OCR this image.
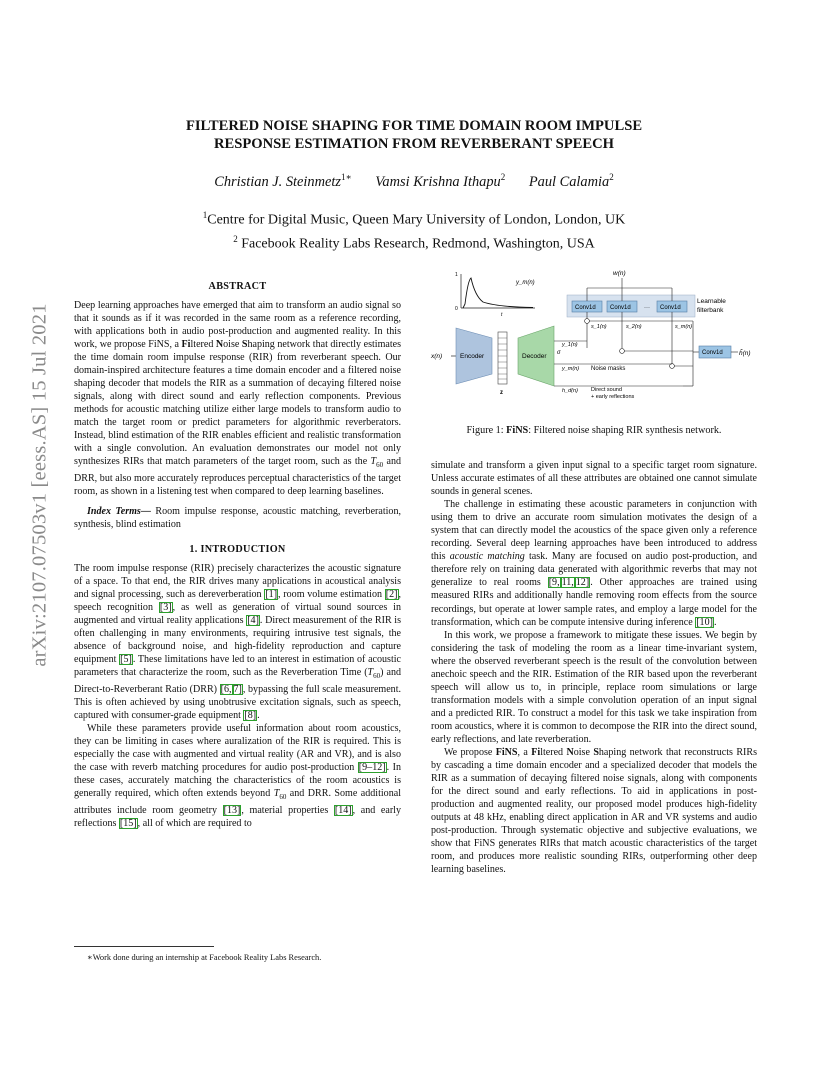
arXiv:2107.07503v1 [eess.AS] 15 Jul 2021
FILTERED NOISE SHAPING FOR TIME DOMAIN ROOM IMPULSE
RESPONSE ESTIMATION FROM REVERBERANT SPEECH
Christian J. Steinmetz$^{1∗}$ Vamsi Krishna Ithapu$^2$ Paul Calamia$^2$
$^1$Centre for Digital Music, Queen Mary University of London, London, UK
$^2$ Facebook Reality Labs Research, Redmond, Washington, USA
ABSTRACT

Deep learning approaches have emerged that aim to transform an audio signal so that it sounds as if it was recorded in the same room as a reference recording, with applications both in audio post-production and augmented reality. In this work, we propose FiNS, a Filtered Noise Shaping network that directly estimates the time domain room impulse response (RIR) from reverberant speech. Our domain-inspired architecture features a time domain encoder and a filtered noise shaping decoder that models the RIR as a summation of decaying filtered noise signals, along with direct sound and early reflection components. Previous methods for acoustic matching utilize either large models to transform audio to match the target room or predict parameters for algorithmic reverberators. Instead, blind estimation of the RIR enables efficient and realistic transformation with a single convolution. An evaluation demonstrates our model not only synthesizes RIRs that match parameters of the target room, such as the $T_{60}$ and DRR, but also more accurately reproduces perceptual characteristics of the target room, as shown in a listening test when compared to deep learning baselines.

Index Terms— Room impulse response, acoustic matching, reverberation, synthesis, blind estimation

1. INTRODUCTION

The room impulse response (RIR) precisely characterizes the acoustic signature of a space. To that end, the RIR drives many applications in acoustical analysis and signal processing, such as dereverberation [1], room volume estimation [2], speech recognition [3], as well as generation of virtual sound sources in augmented and virtual reality applications [4]. Direct measurement of the RIR is often challenging in many environments, requiring intrusive test signals, the absence of background noise, and high-fidelity reproduction and capture equipment [5]. These limitations have led to an interest in estimation of acoustic parameters that characterize the room, such as the Reverberation Time $(T_{60})$ and Direct-to-Reverberant Ratio (DRR) [6, 7], bypassing the full scale measurement. This is often achieved by using unobtrusive excitation signals, such as speech, captured with consumer-grade equipment [8].

While these parameters provide useful information about room acoustics, they can be limiting in cases where auralization of the RIR is required. This is especially the case with augmented and virtual reality (AR and VR), and is also the case with reverb matching procedures for audio post-production [9–12]. In these cases, accurately matching the characteristics of the room acoustics is generally required, which often extends beyond $T_{60}$ and DRR. Some additional attributes include room geometry [13], material properties [14], and early reflections [15], all of which are required to

∗Work done during an internship at Facebook Reality Labs Research.

1
0
t
y_m(n)
x(n)	Encoder
z
Decoder σ
Conv1d Conv1d ··· Conv1d
Learnable
filterbank
w(n)
s_1(n)	s_2(n)	s_m(n)
y_1(n)
y_m(n) Noise masks
h_d(n) Direct sound
+ early reflections
Conv1d	ĥ(n)
Figure 1: FiNS: Filtered noise shaping RIR synthesis network.

simulate and transform a given input signal to a specific target room signature. Unless accurate estimates of all these attributes are obtained one cannot simulate sounds in general scenes.

The challenge in estimating these acoustic parameters in conjunction with using them to drive an accurate room simulation motivates the design of a system that can directly model the acoustics of the space given only a reference recording. Several deep learning approaches have been introduced to address this acoustic matching task. Many are focused on audio post-production, and therefore rely on training data generated with algorithmic reverbs that may not generalize to real rooms [9, 11, 12]. Other approaches are trained using measured RIRs and additionally handle removing room effects from the source recordings, but operate at lower sample rates, and employ a large model for the transformation, which can be compute intensive during inference [10].

In this work, we propose a framework to mitigate these issues. We begin by considering the task of modeling the room as a linear time-invariant system, where the observed reverberant speech is the result of the convolution between anechoic speech and the RIR. Estimation of the RIR based upon the reverberant speech will allow us to, in principle, replace room simulations or large transformation models with a simple convolution operation of an input signal and a predicted RIR. To construct a model for this task we take inspiration from room acoustics, where it is common to decompose the RIR into the direct sound, early reflections, and late reverberation.

We propose FiNS, a Filtered Noise Shaping network that reconstructs RIRs by cascading a time domain encoder and a specialized decoder that models the RIR as a summation of decaying filtered noise signals, along with components for the direct sound and early reflections. To aid in applications in post-production and augmented reality, our proposed model produces high-fidelity outputs at 48 kHz, enabling direct application in AR and VR systems and audio post-production. Through systematic objective and subjective evaluations, we show that FiNS generates RIRs that match acoustic characteristics of the target room, and produces more realistic sounding RIRs, outperforming other deep learning baselines.
